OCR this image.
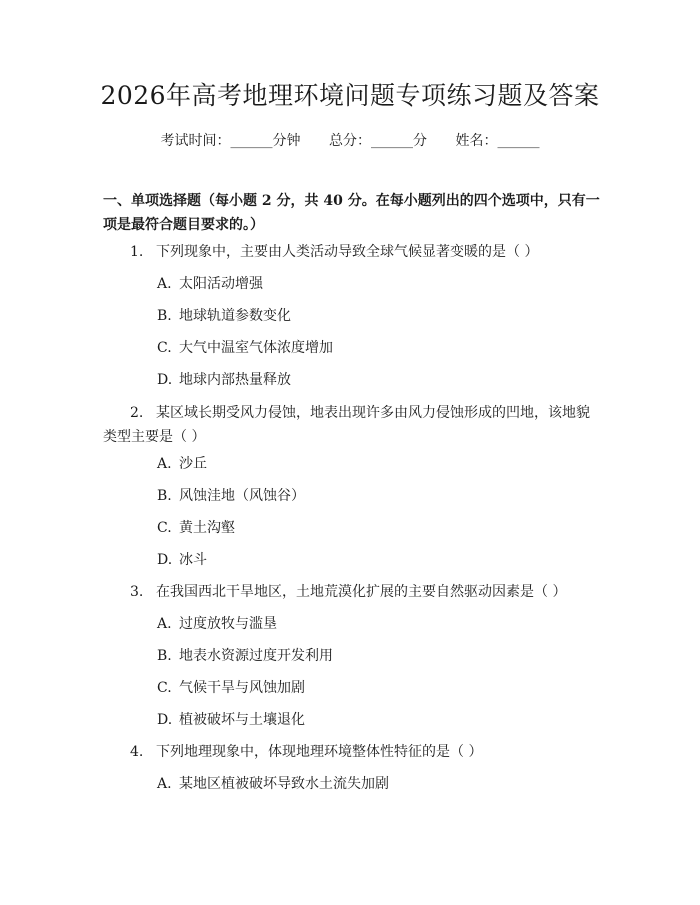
2026年高考地理环境问题专项练习题及答案
考试时间：______分钟 总分：______分 姓名：______

一、单项选择题（每小题 2 分，共 40 分。在每小题列出的四个选项中，只有一项是最符合题目要求的。）

1. 下列现象中，主要由人类活动导致全球气候显著变暖的是（ ）
A. 太阳活动增强
B. 地球轨道参数变化
C. 大气中温室气体浓度增加
D. 地球内部热量释放
2. 某区域长期受风力侵蚀，地表出现许多由风力侵蚀形成的凹地，该地貌类型主要是（ ）
A. 沙丘
B. 风蚀洼地（风蚀谷）
C. 黄土沟壑
D. 冰斗
3. 在我国西北干旱地区，土地荒漠化扩展的主要自然驱动因素是（ ）
A. 过度放牧与滥垦
B. 地表水资源过度开发利用
C. 气候干旱与风蚀加剧
D. 植被破坏与土壤退化
4. 下列地理现象中，体现地理环境整体性特征的是（ ）
A. 某地区植被破坏导致水土流失加剧
